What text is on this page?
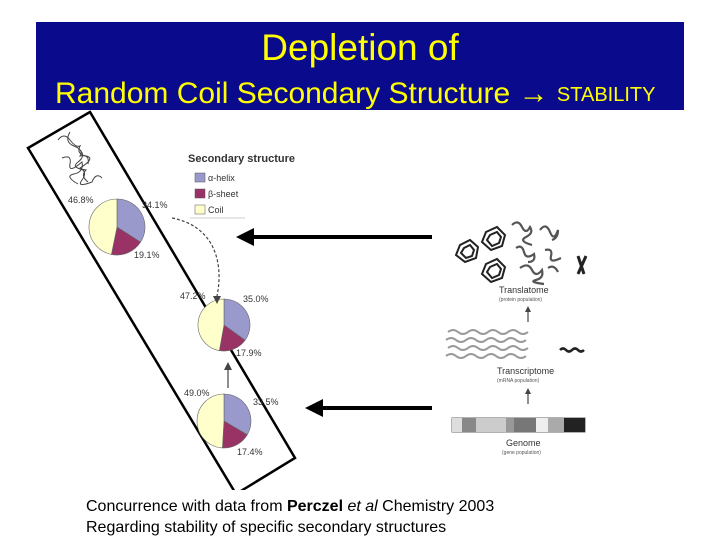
Depletion of
Random Coil Secondary Structure → STABILITY
Secondary structure
α-helix
β-sheet
Coil
46.8%	34.1%
19.1%
47.2%	35.0%
17.9%
49.0%
33.5%
17.4%
Translatome
(protein population)
Transcriptome
(mRNA population)
Genome
(gene population)
Concurrence with data from Perczel et al Chemistry 2003
Regarding stability of specific secondary structures
